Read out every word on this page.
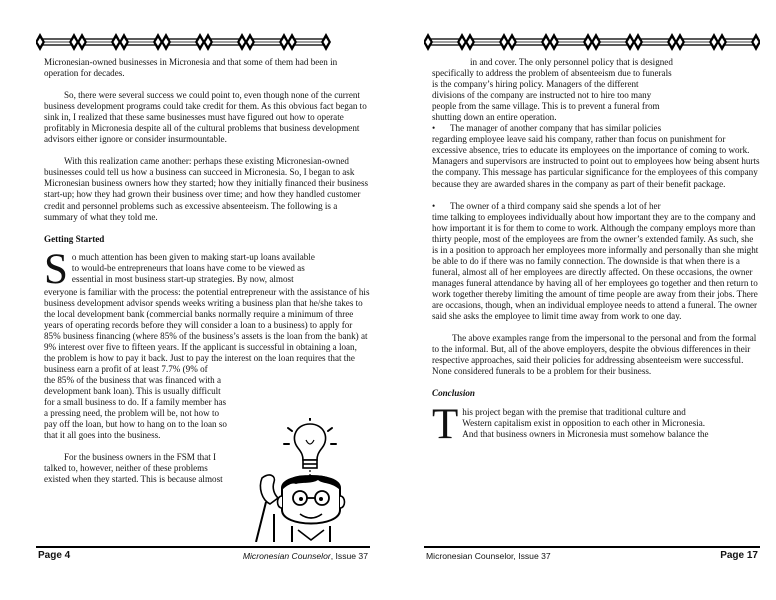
Micronesian-owned businesses in Micronesia and that some of them had been in operation for decades.

So, there were several success we could point to, even though none of the current business development programs could take credit for them. As this obvious fact began to sink in, I realized that these same businesses must have figured out how to operate profitably in Micronesia despite all of the cultural problems that business development advisors either ignore or consider insurmountable.

With this realization came another: perhaps these existing Micronesian-owned businesses could tell us how a business can succeed in Micronesia. So, I began to ask Micronesian business owners how they started; how they initially financed their business start-up; how they had grown their business over time; and how they handled customer credit and personnel problems such as excessive absenteeism. The following is a summary of what they told me.

Getting Started

S o much attention has been given to making start-up loans available
to would-be entrepreneurs that loans have come to be viewed as
essential in most business start-up strategies. By now, almost

everyone is familiar with the process: the potential entrepreneur with the assistance of his business development advisor spends weeks writing a business plan that he/she takes to the local development bank (commercial banks normally require a minimum of three years of operating records before they will consider a loan to a business) to apply for 85% business financing (where 85% of the business’s assets is the loan from the bank) at 9% interest over five to fifteen years. If the applicant is successful in obtaining a loan, the problem is how to pay it back. Just to pay the interest on the loan requires that the business earn a profit of at least 7.7% (9% of

the 85% of the business that was financed with a
development bank loan). This is usually difficult
for a small business to do. If a family member has
a pressing need, the problem will be, not how to
pay off the loan, but how to hang on to the loan so
that it all goes into the business.
For the business owners in the FSM that I
talked to, however, neither of these problems
existed when they started. This is because almost
Page 4	Micronesian Counselor, Issue 37
in and cover. The only personnel policy that is designed
specifically to address the problem of absenteeism due to funerals
is the company’s hiring policy. Managers of the different
divisions of the company are instructed not to hire too many
people from the same village. This is to prevent a funeral from
shutting down an entire operation.
•	The manager of another company that has similar policies

regarding employee leave said his company, rather than focus on punishment for excessive absence, tries to educate its employees on the importance of coming to work. Managers and supervisors are instructed to point out to employees how being absent hurts the company. This message has particular significance for the employees of this company because they are awarded shares in the company as part of their benefit package.

•	The owner of a third company said she spends a lot of her

time talking to employees individually about how important they are to the company and how important it is for them to come to work. Although the company employs more than thirty people, most of the employees are from the owner’s extended family. As such, she is in a position to approach her employees more informally and personally than she might be able to do if there was no family connection. The downside is that when there is a funeral, almost all of her employees are directly affected. On these occasions, the owner manages funeral attendance by having all of her employees go together and then return to work together thereby limiting the amount of time people are away from their jobs. There are occasions, though, when an individual employee needs to attend a funeral. The owner said she asks the employee to limit time away from work to one day.

The above examples range from the impersonal to the personal and from the formal to the informal. But, all of the above employers, despite the obvious differences in their respective approaches, said their policies for addressing absenteeism were successful. None considered funerals to be a problem for their business.

Conclusion

T his project began with the premise that traditional culture and
Western capitalism exist in opposition to each other in Micronesia.
And that business owners in Micronesia must somehow balance the
Micronesian Counselor, Issue 37	Page 17
